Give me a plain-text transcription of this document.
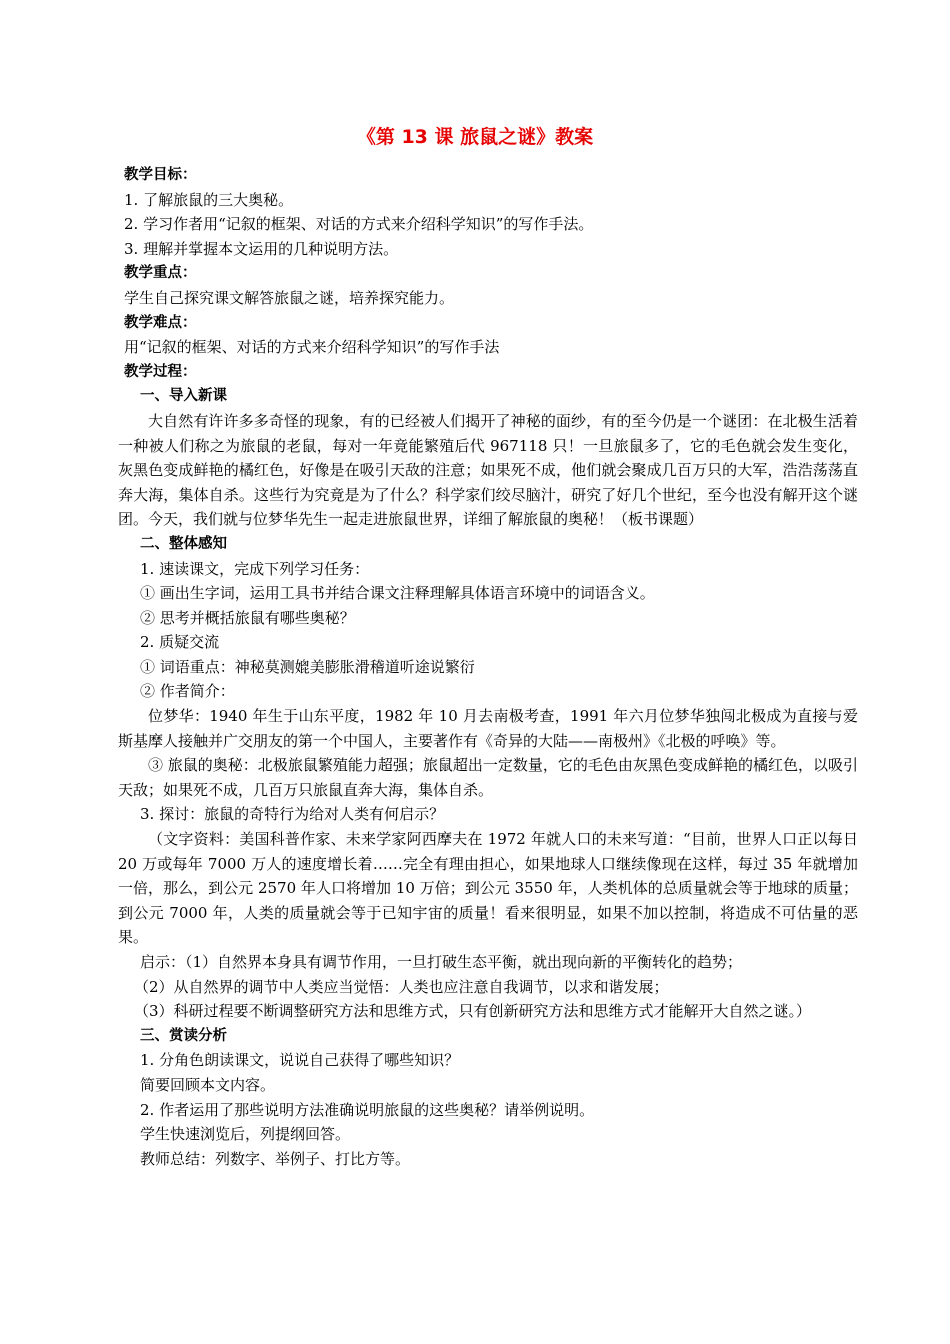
《第 13 课 旅鼠之谜》教案
教学目标：
1. 了解旅鼠的三大奥秘。
2. 学习作者用“记叙的框架、对话的方式来介绍科学知识”的写作手法。
3. 理解并掌握本文运用的几种说明方法。
教学重点：
学生自己探究课文解答旅鼠之谜，培养探究能力。
教学难点：
用“记叙的框架、对话的方式来介绍科学知识”的写作手法
教学过程：
一、导入新课

大自然有许许多多奇怪的现象，有的已经被人们揭开了神秘的面纱，有的至今仍是一个谜团：在北极生活着一种被人们称之为旅鼠的老鼠，每对一年竟能繁殖后代 967118 只！一旦旅鼠多了，它的毛色就会发生变化，灰黑色变成鲜艳的橘红色，好像是在吸引天敌的注意；如果死不成，他们就会聚成几百万只的大军，浩浩荡荡直奔大海，集体自杀。这些行为究竟是为了什么？科学家们绞尽脑汁，研究了好几个世纪，至今也没有解开这个谜团。今天，我们就与位梦华先生一起走进旅鼠世界，详细了解旅鼠的奥秘！（板书课题）

二、整体感知
1. 速读课文，完成下列学习任务：
① 画出生字词，运用工具书并结合课文注释理解具体语言环境中的词语含义。
② 思考并概括旅鼠有哪些奥秘？
2. 质疑交流
① 词语重点：神秘莫测媲美膨胀滑稽道听途说繁衍
② 作者简介：

位梦华：1940 年生于山东平度，1982 年 10 月去南极考查，1991 年六月位梦华独闯北极成为直接与爱斯基摩人接触并广交朋友的第一个中国人，主要著作有《奇异的大陆——南极州》《北极的呼唤》等。

③ 旅鼠的奥秘：北极旅鼠繁殖能力超强；旅鼠超出一定数量，它的毛色由灰黑色变成鲜艳的橘红色，以吸引天敌；如果死不成，几百万只旅鼠直奔大海，集体自杀。

3. 探讨：旅鼠的奇特行为给对人类有何启示？

（文字资料：美国科普作家、未来学家阿西摩夫在 1972 年就人口的未来写道：“目前，世界人口正以每日 20 万或每年 7000 万人的速度增长着……完全有理由担心，如果地球人口继续像现在这样，每过 35 年就增加一倍，那么，到公元 2570 年人口将增加 10 万倍；到公元 3550 年，人类机体的总质量就会等于地球的质量；到公元 7000 年，人类的质量就会等于已知宇宙的质量！看来很明显，如果不加以控制，将造成不可估量的恶果。

启示：（1）自然界本身具有调节作用，一旦打破生态平衡，就出现向新的平衡转化的趋势；
（2）从自然界的调节中人类应当觉悟：人类也应注意自我调节，以求和谐发展；

（3）科研过程要不断调整研究方法和思维方式，只有创新研究方法和思维方式才能解开大自然之谜。）

三、赏读分析
1. 分角色朗读课文，说说自己获得了哪些知识？
简要回顾本文内容。
2. 作者运用了那些说明方法准确说明旅鼠的这些奥秘？请举例说明。
学生快速浏览后，列提纲回答。
教师总结：列数字、举例子、打比方等。
